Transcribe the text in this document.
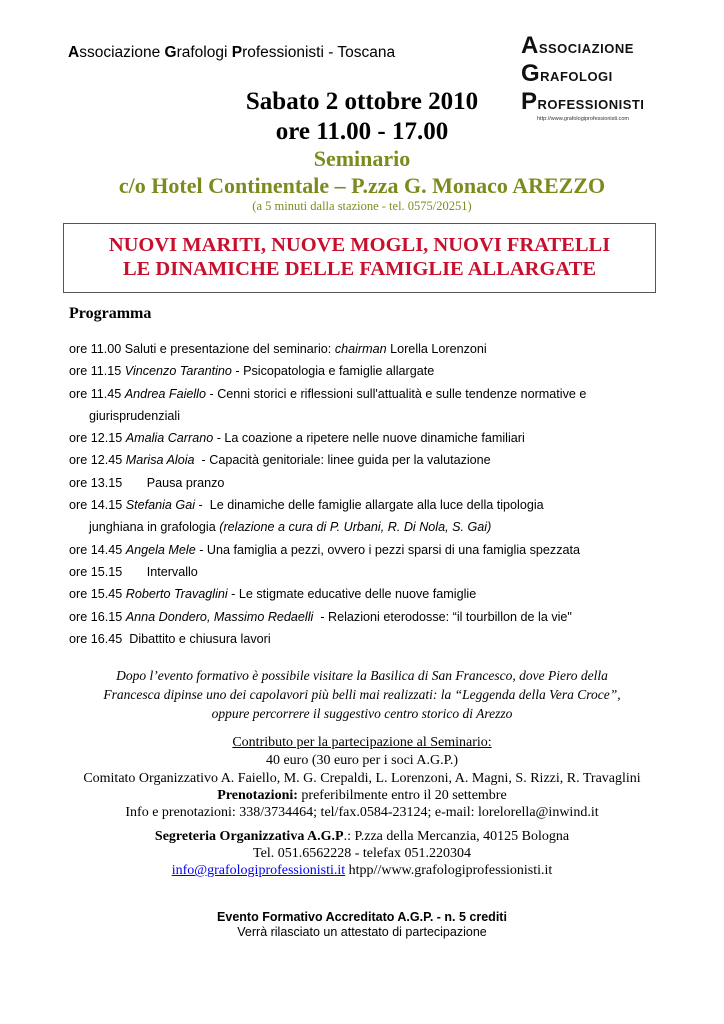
Associazione Grafologi Professionisti - Toscana	ASSOCIAZIONE
GRAFOLOGI
PROFESSIONISTI
http://www.grafologiprofessionisti.com
Sabato 2 ottobre 2010
ore 11.00 - 17.00
Seminario
c/o Hotel Continentale – P.zza G. Monaco AREZZO
(a 5 minuti dalla stazione - tel. 0575/20251)
NUOVI MARITI, NUOVE MOGLI, NUOVI FRATELLI
LE DINAMICHE DELLE FAMIGLIE ALLARGATE
Programma
ore 11.00 Saluti e presentazione del seminario: chairman Lorella Lorenzoni
ore 11.15 Vincenzo Tarantino - Psicopatologia e famiglie allargate
ore 11.45 Andrea Faiello - Cenni storici e riflessioni sull'attualità e sulle tendenze normative e
giurisprudenziali
ore 12.15 Amalia Carrano - La coazione a ripetere nelle nuove dinamiche familiari
ore 12.45 Marisa Aloia  - Capacità genitoriale: linee guida per la valutazione
ore 13.15       Pausa pranzo
ore 14.15 Stefania Gai -  Le dinamiche delle famiglie allargate alla luce della tipologia
junghiana in grafologia (relazione a cura di P. Urbani, R. Di Nola, S. Gai)
ore 14.45 Angela Mele - Una famiglia a pezzi, ovvero i pezzi sparsi di una famiglia spezzata
ore 15.15       Intervallo
ore 15.45 Roberto Travaglini - Le stigmate educative delle nuove famiglie
ore 16.15 Anna Dondero, Massimo Redaelli  - Relazioni eterodosse: “il tourbillon de la vie"
ore 16.45  Dibattito e chiusura lavori
Dopo l’evento formativo è possibile visitare la Basilica di San Francesco, dove Piero della
Francesca dipinse uno dei capolavori più belli mai realizzati: la “Leggenda della Vera Croce”,
oppure percorrere il suggestivo centro storico di Arezzo
Contributo per la partecipazione al Seminario:
40 euro (30 euro per i soci A.G.P.)
Comitato Organizzativo A. Faiello, M. G. Crepaldi, L. Lorenzoni, A. Magni, S. Rizzi, R. Travaglini
Prenotazioni: preferibilmente entro il 20 settembre
Info e prenotazioni: 338/3734464; tel/fax.0584-23124; e-mail: lorelorella@inwind.it
Segreteria Organizzativa A.G.P.: P.zza della Mercanzia, 40125 Bologna
Tel. 051.6562228 - telefax 051.220304
info@grafologiprofessionisti.it htpp//www.grafologiprofessionisti.it
Evento Formativo Accreditato A.G.P. - n. 5 crediti
Verrà rilasciato un attestato di partecipazione
